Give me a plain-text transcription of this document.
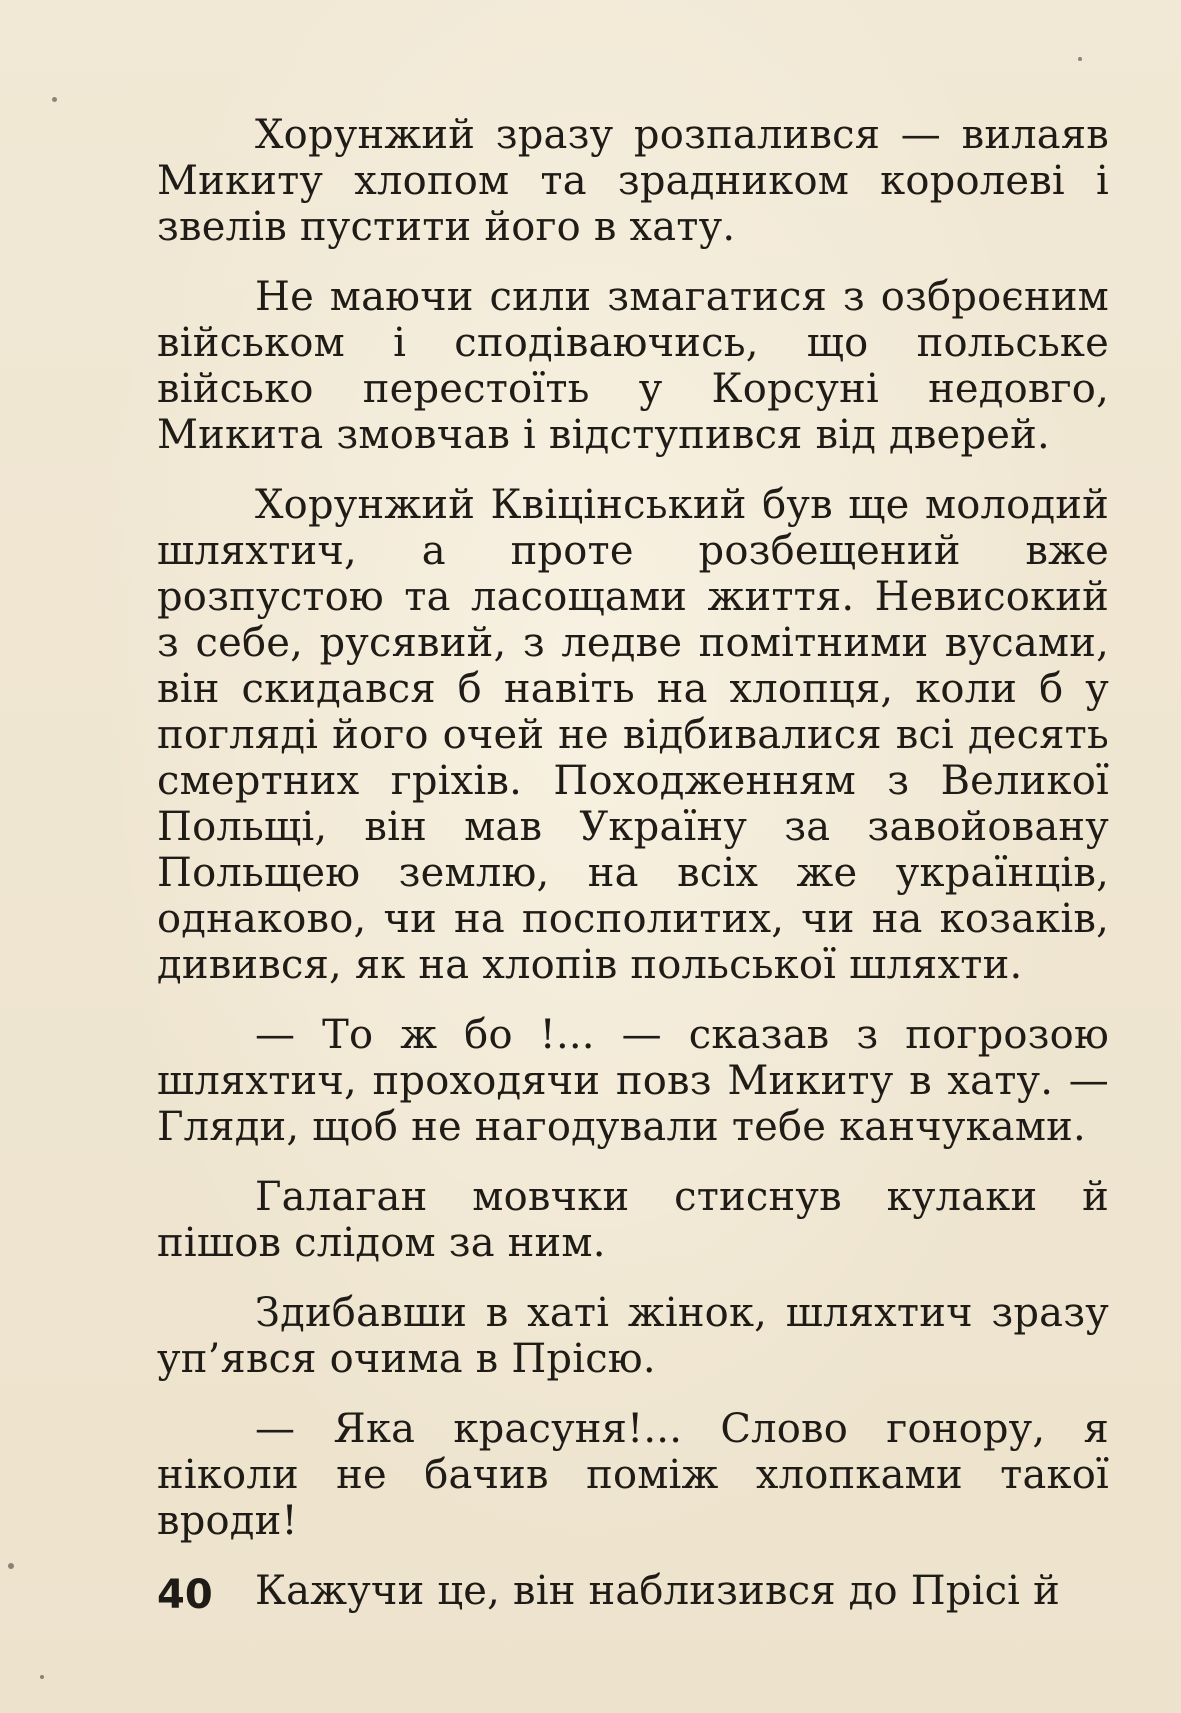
Хорунжий зразу розпалився — вилаяв Микиту хлопом та зрадником королеві і звелів пустити його в хату.

Не маючи сили змагатися з озброєним військом і сподіваючись, що польське військо перестоїть у Корсуні недовго, Микита змовчав і відступився від дверей.

Хорунжий Квіцінський був ще молодий шляхтич, а проте розбещений вже розпустою та ласощами життя. Невисокий з себе, русявий, з ледве помітними вусами, він скидався б навіть на хлопця, коли б у погляді його очей не відбивалися всі десять смертних гріхів. Походженням з Великої Польщі, він мав Україну за завойовану Польщею землю, на всіх же українців, однаково, чи на посполитих, чи на козаків, дивився, як на хлопів польської шляхти.

— То ж бо !... — сказав з погрозою шляхтич, проходячи повз Микиту в хату. — Гляди, щоб не нагодували тебе канчуками.

Галаган мовчки стиснув кулаки й пішов слідом за ним.

Здибавши в хаті жінок, шляхтич зразу уп’явся очима в Прісю.

— Яка красуня!... Слово гонору, я ніколи не бачив поміж хлопками такої вроди!

Кажучи це, він наблизився до Прісі й

40
